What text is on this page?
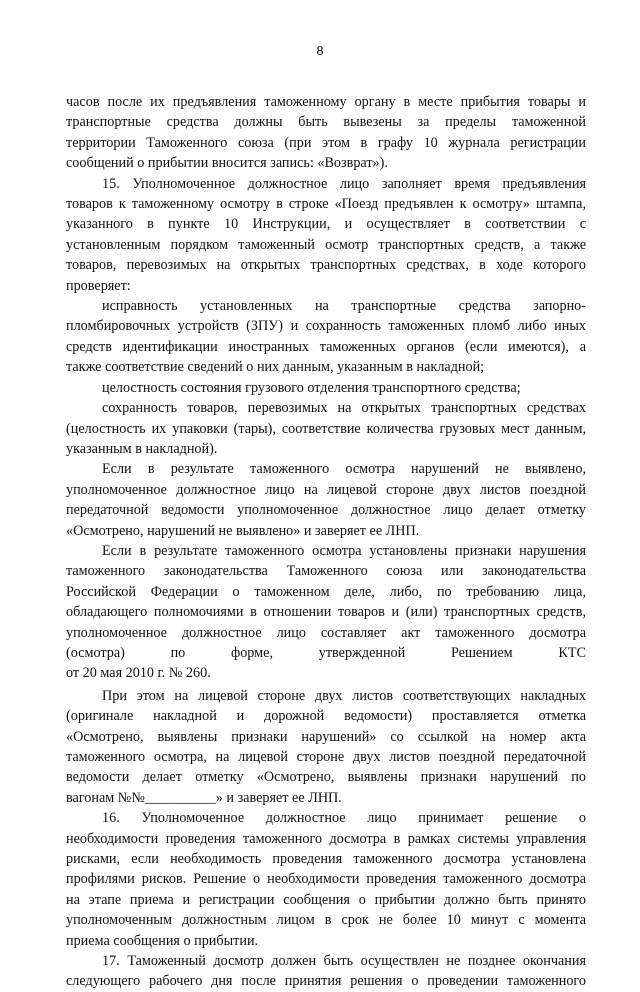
8
часов после их предъявления таможенному органу в месте прибытия товары и
транспортные средства должны быть вывезены за пределы таможенной
территории Таможенного союза (при этом в графу 10 журнала регистрации
сообщений о прибытии вносится запись: «Возврат»).
15. Уполномоченное должностное лицо заполняет время предъявления
товаров к таможенному осмотру в строке «Поезд предъявлен к осмотру» штампа,
указанного в пункте 10 Инструкции, и осуществляет в соответствии с
установленным порядком таможенный осмотр транспортных средств, а также
товаров, перевозимых на открытых транспортных средствах, в ходе которого
проверяет:
исправность установленных на транспортные средства запорно-
пломбировочных устройств (ЗПУ) и сохранность таможенных пломб либо иных
средств идентификации иностранных таможенных органов (если имеются), а
также соответствие сведений о них данным, указанным в накладной;
целостность состояния грузового отделения транспортного средства;
сохранность товаров, перевозимых на открытых транспортных средствах
(целостность их упаковки (тары), соответствие количества грузовых мест данным,
указанным в накладной).
Если в результате таможенного осмотра нарушений не выявлено,
уполномоченное должностное лицо на лицевой стороне двух листов поездной
передаточной ведомости уполномоченное должностное лицо делает отметку
«Осмотрено, нарушений не выявлено» и заверяет ее ЛНП.
Если в результате таможенного осмотра установлены признаки нарушения
таможенного законодательства Таможенного союза или законодательства
Российской Федерации о таможенном деле, либо, по требованию лица,
обладающего полномочиями в отношении товаров и (или) транспортных средств,
уполномоченное должностное лицо составляет акт таможенного досмотра
(осмотра) по форме, утвержденной Решением КТС
от 20 мая 2010 г. № 260.
При этом на лицевой стороне двух листов соответствующих накладных
(оригинале накладной и дорожной ведомости) проставляется отметка
«Осмотрено, выявлены признаки нарушений» со ссылкой на номер акта
таможенного осмотра, на лицевой стороне двух листов поездной передаточной
ведомости делает отметку «Осмотрено, выявлены признаки нарушений по
вагонам №№__________» и заверяет ее ЛНП.
16. Уполномоченное должностное лицо принимает решение о
необходимости проведения таможенного досмотра в рамках системы управления
рисками, если необходимость проведения таможенного досмотра установлена
профилями рисков. Решение о необходимости проведения таможенного досмотра
на этапе приема и регистрации сообщения о прибытии должно быть принято
уполномоченным должностным лицом в срок не более 10 минут с момента
приема сообщения о прибытии.
17. Таможенный досмотр должен быть осуществлен не позднее окончания
следующего рабочего дня после принятия решения о проведении таможенного
